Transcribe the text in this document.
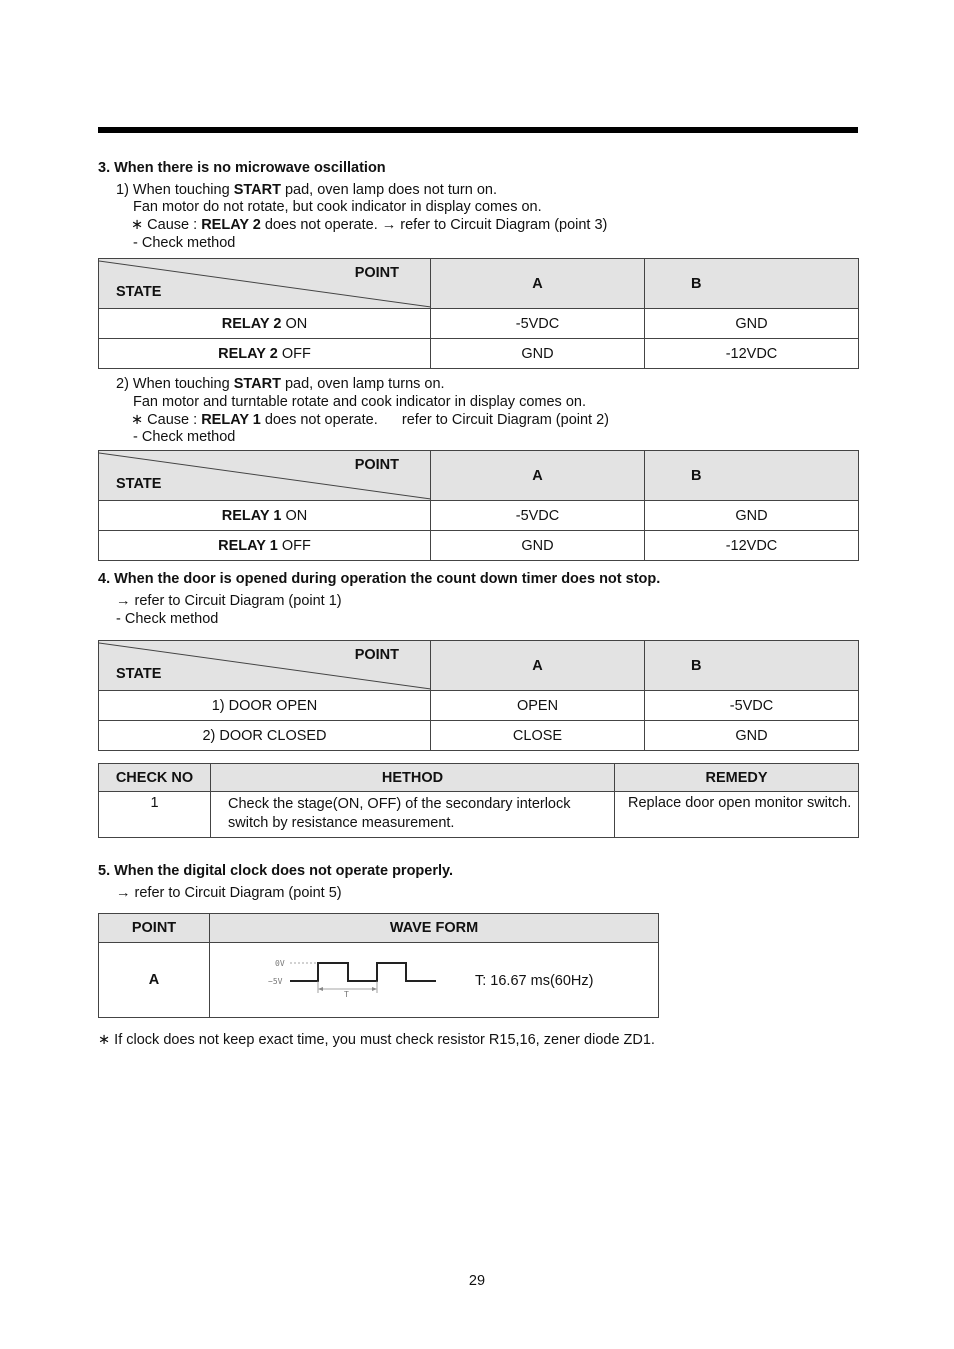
3. When there is no microwave oscillation
1) When touching START pad, oven lamp does not turn on.
Fan motor do not rotate, but cook indicator in display comes on.
∗ Cause : RELAY 2 does not operate. → refer to Circuit Diagram (point 3)
- Check method
POINT
STATE	A	B
RELAY 2 ON	-5VDC	GND
RELAY 2 OFF	GND	-12VDC
2) When touching START pad, oven lamp turns on.
Fan motor and turntable rotate and cook indicator in display comes on.
∗ Cause : RELAY 1 does not operate.      refer to Circuit Diagram (point 2)
- Check method
POINT
STATE	A	B
RELAY 1 ON	-5VDC	GND
RELAY 1 OFF	GND	-12VDC
4. When the door is opened during operation the count down timer does not stop.
→ refer to Circuit Diagram (point 1)
- Check method
POINT
STATE	A	B
1) DOOR OPEN	OPEN	-5VDC
2) DOOR CLOSED	CLOSE	GND
CHECK NO	HETHOD	REMEDY
1	Check the stage(ON, OFF) of the secondary interlock
switch by resistance measurement.	Replace door open monitor switch.
5. When the digital clock does not operate properly.
→ refer to Circuit Diagram (point 5)
POINT	WAVE FORM
A	0V
−5V
T
T: 16.67 ms(60Hz)
∗ If clock does not keep exact time, you must check resistor R15,16, zener diode ZD1.
29
